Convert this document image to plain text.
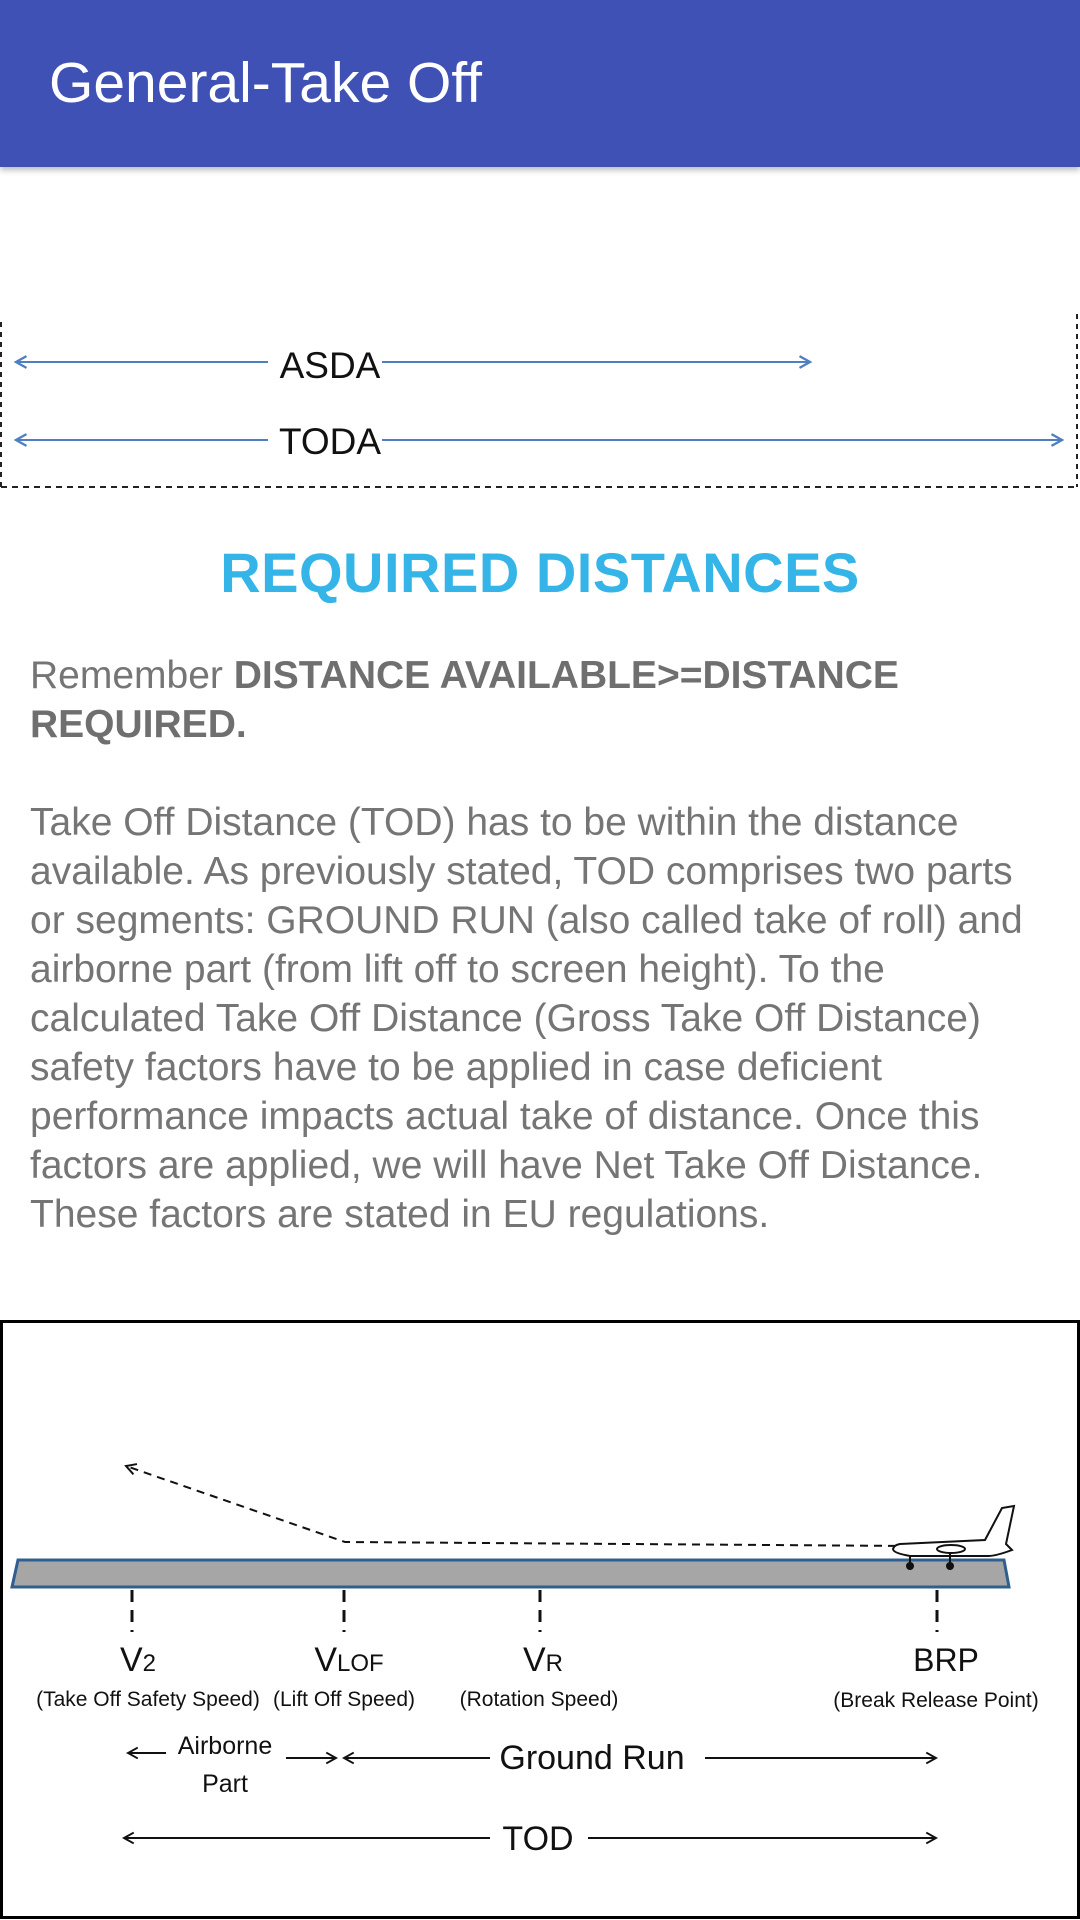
General-Take Off
ASDA
TODA
REQUIRED DISTANCES

Remember DISTANCE AVAILABLE>=DISTANCE REQUIRED.

Take Off Distance (TOD) has to be within the distance available. As previously stated, TOD comprises two parts or segments: GROUND RUN (also called take of roll) and airborne part (from lift off to screen height). To the calculated Take Off Distance (Gross Take Off Distance) safety factors have to be applied in case deficient performance impacts actual take of distance. Once this factors are applied, we will have Net Take Off Distance. These factors are stated in EU regulations.

V2
(Take Off Safety Speed)
VLOF
(Lift Off Speed)
VR
(Rotation Speed)
BRP
(Break Release Point)
Airborne
Part
Ground Run
TOD
